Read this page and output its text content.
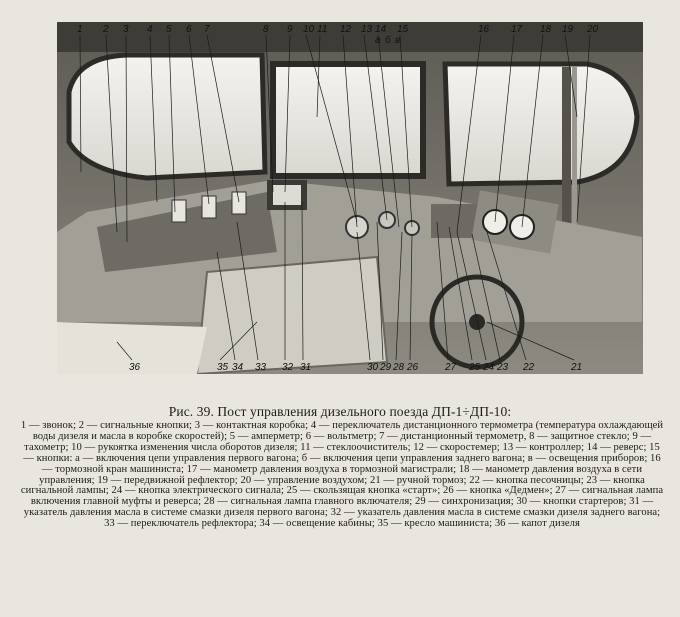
1 2 3 4 5 6 7	8 9 10 11 12 13 14 15	16 17 18 19 20
36	35 34 33 32 31	30 29 28 26	27 25 24 23 22	21
а б в
Рис. 39. Пост управления дизельного поезда ДП-1÷ДП-10:

1 — звонок; 2 — сигнальные кнопки; 3 — контактная коробка; 4 — переключатель дистанционного термометра (температура охлаждающей воды дизеля и масла в коробке скоростей); 5 — амперметр; 6 — вольтметр; 7 — дистанционный термометр, 8 — защитное стекло; 9 — тахометр; 10 — рукоятка изменения числа оборотов дизеля; 11 — стеклоочиститель; 12 — скоростемер; 13 — контроллер; 14 — реверс; 15 — кнопки: а — включения цепи управления первого вагона; б — включения цепи управления заднего вагона; в — освещения приборов; 16 — тормозной кран машиниста; 17 — манометр давления воздуха в тормозной магистрали; 18 — манометр давления воздуха в сети управления; 19 — передвижной рефлектор; 20 — управление воздухом; 21 — ручной тормоз; 22 — кнопка песочницы; 23 — кнопка сигнальной лампы; 24 — кнопка электрического сигнала; 25 — скользящая кнопка «старт»; 26 — кнопка «Дедмен»; 27 — сигнальная лампа включения главной муфты и реверса; 28 — сигнальная лампа главного включателя; 29 — синхронизация; 30 — кнопки стартеров; 31 — указатель давления масла в системе смазки дизеля первого вагона; 32 — указатель давления масла в системе смазки дизеля заднего вагона; 33 — переключатель рефлектора; 34 — освещение кабины; 35 — кресло машиниста; 36 — капот дизеля
